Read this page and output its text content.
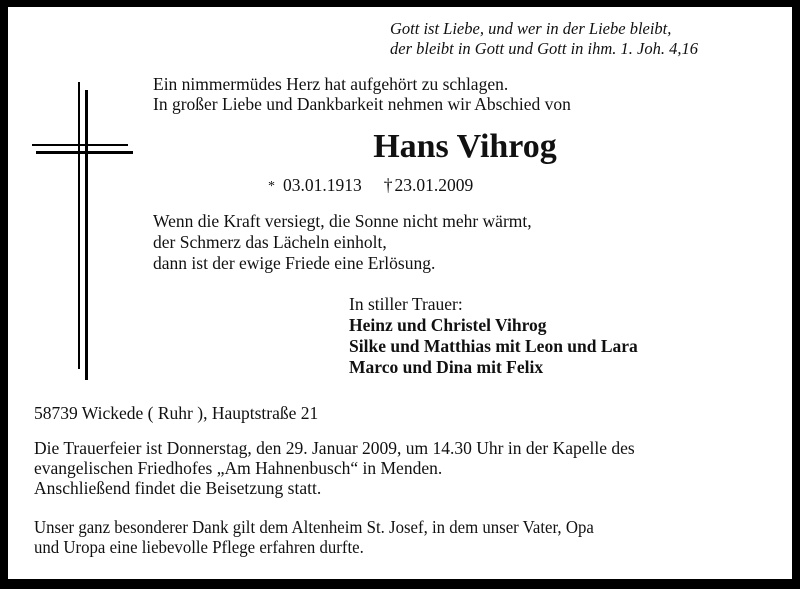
Gott ist Liebe, und wer in der Liebe bleibt,
der bleibt in Gott und Gott in ihm. 1. Joh. 4,16
Ein nimmermüdes Herz hat aufgehört zu schlagen.
In großer Liebe und Dankbarkeit nehmen wir Abschied von
Hans Vihrog
* 03.01.1913 † 23.01.2009
Wenn die Kraft versiegt, die Sonne nicht mehr wärmt,
der Schmerz das Lächeln einholt,
dann ist der ewige Friede eine Erlösung.
In stiller Trauer:
Heinz und Christel Vihrog
Silke und Matthias mit Leon und Lara
Marco und Dina mit Felix
58739 Wickede ( Ruhr ), Hauptstraße 21
Die Trauerfeier ist Donnerstag, den 29. Januar 2009, um 14.30 Uhr in der Kapelle des
evangelischen Friedhofes „Am Hahnenbusch“ in Menden.
Anschließend findet die Beisetzung statt.
Unser ganz besonderer Dank gilt dem Altenheim St. Josef, in dem unser Vater, Opa
und Uropa eine liebevolle Pflege erfahren durfte.
